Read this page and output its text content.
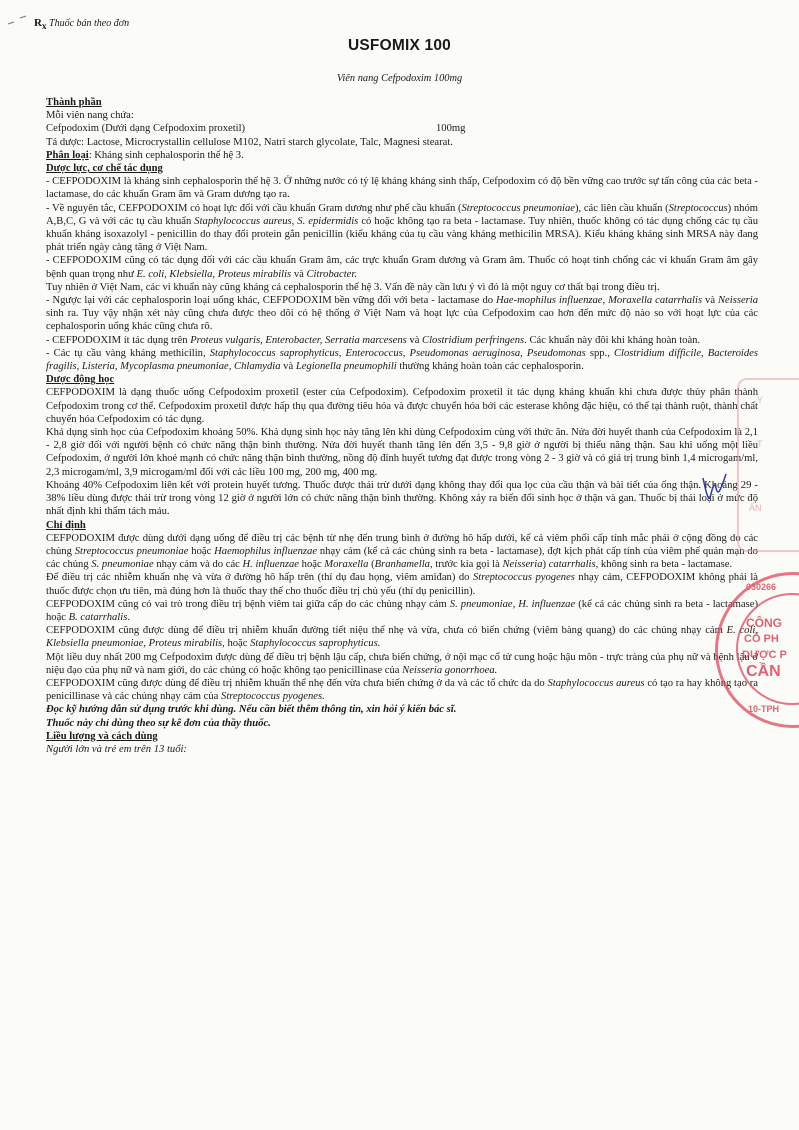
$R_x$ Thuốc bán theo đơn
USFOMIX 100
Viên nang Cefpodoxim 100mg

Thành phần

Mỗi viên nang chứa:

Cefpodoxim (Dưới dạng Cefpodoxim proxetil)	100mg

Tá dược: Lactose, Microcrystallin cellulose M102, Natri starch glycolate, Talc, Magnesi stearat.

Phân loại: Kháng sinh cephalosporin thế hệ 3.

Dược lực, cơ chế tác dụng

- CEFPODOXIM là kháng sinh cephalosporin thế hệ 3. Ở những nước có tỷ lệ kháng kháng sinh thấp, Cefpodoxim có độ bền vững cao trước sự tấn công của các beta - lactamase, do các khuẩn Gram âm và Gram dương tạo ra.

- Về nguyên tắc, CEFPODOXIM có hoạt lực đối với cầu khuẩn Gram dương như phế cầu khuẩn (Streptococcus pneumoniae), các liên cầu khuẩn (Streptococcus) nhóm A,B,C, G và với các tụ cầu khuẩn Staphylococcus aureus, S. epidermidis có hoặc không tạo ra beta - lactamase. Tuy nhiên, thuốc không có tác dụng chống các tụ cầu khuẩn kháng isoxazolyl - penicillin do thay đổi protein gắn penicillin (kiểu kháng của tụ cầu vàng kháng methicilin MRSA). Kiểu kháng kháng sinh MRSA này đang phát triển ngày càng tăng ở Việt Nam.

- CEFPODOXIM cũng có tác dụng đối với các cầu khuẩn Gram âm, các trực khuẩn Gram dương và Gram âm. Thuốc có hoạt tính chống các vi khuẩn Gram âm gây bệnh quan trọng như E. coli, Klebsiella, Proteus mirabilis và Citrobacter.

Tuy nhiên ở Việt Nam, các vi khuẩn này cũng kháng cả cephalosporin thế hệ 3. Vấn đề này cần lưu ý vì đó là một nguy cơ thất bại trong điều trị.

- Ngược lại với các cephalosporin loại uống khác, CEFPODOXIM bền vững đối với beta - lactamase do Hae-mophilus influenzae, Moraxella catarrhalis và Neisseria sinh ra. Tuy vậy nhận xét này cũng chưa được theo dõi có hệ thống ở Việt Nam và hoạt lực của Cefpodoxim cao hơn đến mức độ nào so với hoạt lực của các cephalosporin uống khác cũng chưa rõ.

- CEFPODOXIM ít tác dụng trên Proteus vulgaris, Enterobacter, Serratia marcesens và Clostridium perfringens. Các khuẩn này đôi khi kháng hoàn toàn.

- Các tụ cầu vàng kháng methicilin, Staphylococcus saprophyticus, Enterococcus, Pseudomonas aeruginosa, Pseudomonas spp., Clostridium difficile, Bacteroides fragilis, Listeria, Mycoplasma pneumoniae, Chlamydia và Legionella pneumophili thường kháng hoàn toàn các cephalosporin.

Dược động học

CEFPODOXIM là dạng thuốc uống Cefpodoxim proxetil (ester của Cefpodoxim). Cefpodoxim proxetil ít tác dụng kháng khuẩn khi chưa được thủy phân thành Cefpodoxim trong cơ thể. Cefpodoxim proxetil được hấp thụ qua đường tiêu hóa và được chuyển hóa bởi các esterase không đặc hiệu, có thể tại thành ruột, thành chất chuyển hóa Cefpodoxim có tác dụng.

Khả dụng sinh học của Cefpodoxim khoảng 50%. Khả dụng sinh học này tăng lên khi dùng Cefpodoxim cùng với thức ăn. Nửa đời huyết thanh của Cefpodoxim là 2,1 - 2,8 giờ đối với người bệnh có chức năng thận bình thường. Nửa đời huyết thanh tăng lên đến 3,5 - 9,8 giờ ở người bị thiểu năng thận. Sau khi uống một liều Cefpodoxim, ở người lớn khoẻ mạnh có chức năng thận bình thường, nồng độ đỉnh huyết tương đạt được trong vòng 2 - 3 giờ và có giá trị trung bình 1,4 microgam/ml, 2,3 microgam/ml, 3,9 microgam/ml đối với các liều 100 mg, 200 mg, 400 mg.

Khoảng 40% Cefpodoxim liên kết với protein huyết tương. Thuốc được thải trừ dưới dạng không thay đổi qua lọc của cầu thận và bài tiết của ống thận. Khoảng 29 - 38% liều dùng được thải trừ trong vòng 12 giờ ở người lớn có chức năng thận bình thường. Không xảy ra biến đổi sinh học ở thận và gan. Thuốc bị thải loại ở mức độ nhất định khi thẩm tách máu.

Chỉ định

CEFPODOXIM được dùng dưới dạng uống để điều trị các bệnh từ nhẹ đến trung bình ở đường hô hấp dưới, kể cả viêm phổi cấp tính mắc phải ở cộng đồng do các chủng Streptococcus pneumoniae hoặc Haemophilus influenzae nhạy cảm (kể cả các chủng sinh ra beta - lactamase), đợt kịch phát cấp tính của viêm phế quản mạn do các chủng S. pneumoniae nhạy cảm và do các H. influenzae hoặc Moraxella (Branhamella, trước kia gọi là Neisseria) catarrhalis, không sinh ra beta - lactamase.

Để điều trị các nhiễm khuẩn nhẹ và vừa ở đường hô hấp trên (thí dụ đau họng, viêm amiđan) do Streptococcus pyogenes nhạy cảm, CEFPODOXIM không phải là thuốc được chọn ưu tiên, mà đúng hơn là thuốc thay thế cho thuốc điều trị chủ yếu (thí dụ penicillin).

CEFPODOXIM cũng có vai trò trong điều trị bệnh viêm tai giữa cấp do các chủng nhạy cảm S. pneumoniae, H. influenzae (kể cả các chủng sinh ra beta - lactamase) hoặc B. catarrhalis.

CEFPODOXIM cũng được dùng để điều trị nhiễm khuẩn đường tiết niệu thể nhẹ và vừa, chưa có biến chứng (viêm bàng quang) do các chủng nhạy cảm E. coli, Klebsiella pneumoniae, Proteus mirabilis, hoặc Staphylococcus saprophyticus.

Một liều duy nhất 200 mg Cefpodoxim được dùng để điều trị bệnh lậu cấp, chưa biến chứng, ở nội mạc cổ tử cung hoặc hậu môn - trực tràng của phụ nữ và bệnh lậu ở niệu đạo của phụ nữ và nam giới, do các chủng có hoặc không tạo penicillinase của Neisseria gonorrhoea.

CEFPODOXIM cũng được dùng để điều trị nhiễm khuẩn thể nhẹ đến vừa chưa biến chứng ở da và các tổ chức da do Staphylococcus aureus có tạo ra hay không tạo ra penicillinase và các chủng nhạy cảm của Streptococcus pyogenes.

Đọc kỹ hướng dẫn sử dụng trước khi dùng. Nếu cần biết thêm thông tin, xin hỏi ý kiến bác sĩ.

Thuốc này chỉ dùng theo sự kê đơn của thầy thuốc.

Liều lượng và cách dùng

Người lớn và trẻ em trên 13 tuổi:

Y
T
ẨN
030266
CÔNG
CỔ PH
DƯỢC P
CẦN
10-TPH
